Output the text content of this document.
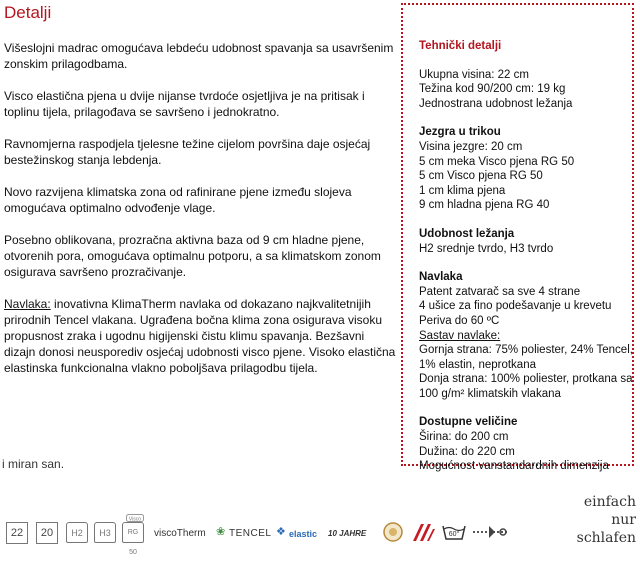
Detalji

Višeslojni madrac omogućava lebdeću udobnost spavanja sa usavršenim zonskim prilagodbama.

Visco elastična pjena u dvije nijanse tvrdoće osjetljiva je na pritisak i toplinu tijela, prilagođava se savršeno i jednokratno.

Ravnomjerna raspodjela tjelesne težine cijelom površina daje osjećaj bestežinskog stanja lebdenja.

Novo razvijena klimatska zona od rafinirane pjene između slojeva omogućava optimalno odvođenje vlage.

Posebno oblikovana, prozračna aktivna baza od 9 cm hladne pjene, otvorenih pora, omogućava optimalnu potporu, a sa klimatskom zonom osigurava savršeno prozračivanje.

Navlaka: inovativna KlimaTherm navlaka od dokazano najkvalitetnijih prirodnih Tencel vlakana. Ugrađena bočna klima zona osigurava visoku propusnost zraka i ugodnu higijenski čistu klimu spavanja. Bezšavni dizajn donosi neusporediv osjećaj udobnosti visco pjene. Visoko elastična elastinska funkcionalna vlakno poboljšava prilagodbu tijela.

i miran san.
Tehnički detalji
Ukupna visina: 22 cm
Težina kod 90/200 cm: 19 kg
Jednostrana udobnost ležanja
Jezgra u trikou
Visina jezgre: 20 cm
5 cm meka Visco pjena RG 50
5 cm Visco pjena RG 50
1 cm klima pjena
9 cm hladna pjena RG 40
Udobnost ležanja
H2 srednje tvrdo, H3 tvrdo
Navlaka
Patent zatvarač sa sve 4 strane
4 ušice za fino podešavanje u krevetu
Periva do 60 ºC
Sastav navlake:
Gornja strana: 75% poliester, 24% Tencel,
1% elastin, neprotkana
Donja strana: 100% poliester, protkana sa
100 g/m² klimatskih vlakana
Dostupne veličine
Širina: do 200 cm
Dužina: do 220 cm
Mogućnost vanstandardnih dimenzija
22	20	H2	H3	RG 50
Visco
viscoTherm ❀ TENCEL ❖ elastic 10 JAHRE	60°
einfach
nur
schlafen
